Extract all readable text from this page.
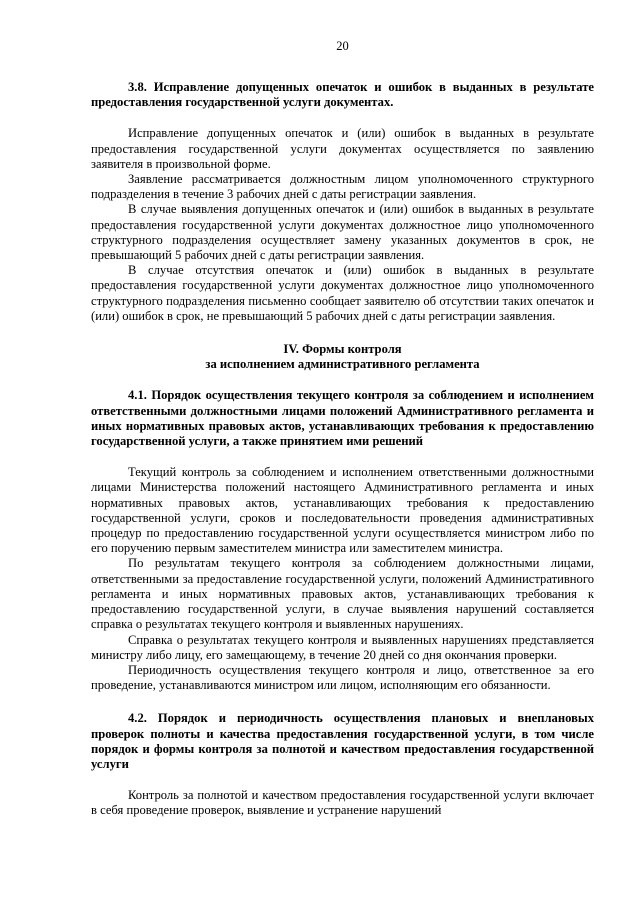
20

3.8. Исправление допущенных опечаток и ошибок в выданных в результате предоставления государственной услуги документах.

Исправление допущенных опечаток и (или) ошибок в выданных в результате предоставления государственной услуги документах осуществляется по заявлению заявителя в произвольной форме.

Заявление рассматривается должностным лицом уполномоченного структурного подразделения в течение 3 рабочих дней с даты регистрации заявления.

В случае выявления допущенных опечаток и (или) ошибок в выданных в результате предоставления государственной услуги документах должностное лицо уполномоченного структурного подразделения осуществляет замену указанных документов в срок, не превышающий 5 рабочих дней с даты регистрации заявления.

В случае отсутствия опечаток и (или) ошибок в выданных в результате предоставления государственной услуги документах должностное лицо уполномоченного структурного подразделения письменно сообщает заявителю об отсутствии таких опечаток и (или) ошибок в срок, не превышающий 5 рабочих дней с даты регистрации заявления.

IV. Формы контроля

за исполнением административного регламента

4.1. Порядок осуществления текущего контроля за соблюдением и исполнением ответственными должностными лицами положений Административного регламента и иных нормативных правовых актов, устанавливающих требования к предоставлению государственной услуги, а также принятием ими решений

Текущий контроль за соблюдением и исполнением ответственными должностными лицами Министерства положений настоящего Административного регламента и иных нормативных правовых актов, устанавливающих требования к предоставлению государственной услуги, сроков и последовательности проведения административных процедур по предоставлению государственной услуги осуществляется министром либо по его поручению первым заместителем министра или заместителем министра.

По результатам текущего контроля за соблюдением должностными лицами, ответственными за предоставление государственной услуги, положений Административного регламента и иных нормативных правовых актов, устанавливающих требования к предоставлению государственной услуги, в случае выявления нарушений составляется справка о результатах текущего контроля и выявленных нарушениях.

Справка о результатах текущего контроля и выявленных нарушениях представляется министру либо лицу, его замещающему, в течение 20 дней со дня окончания проверки.

Периодичность осуществления текущего контроля и лицо, ответственное за его проведение, устанавливаются министром или лицом, исполняющим его обязанности.

4.2. Порядок и периодичность осуществления плановых и внеплановых проверок полноты и качества предоставления государственной услуги, в том числе порядок и формы контроля за полнотой и качеством предоставления государственной услуги

Контроль за полнотой и качеством предоставления государственной услуги включает в себя проведение проверок, выявление и устранение нарушений
